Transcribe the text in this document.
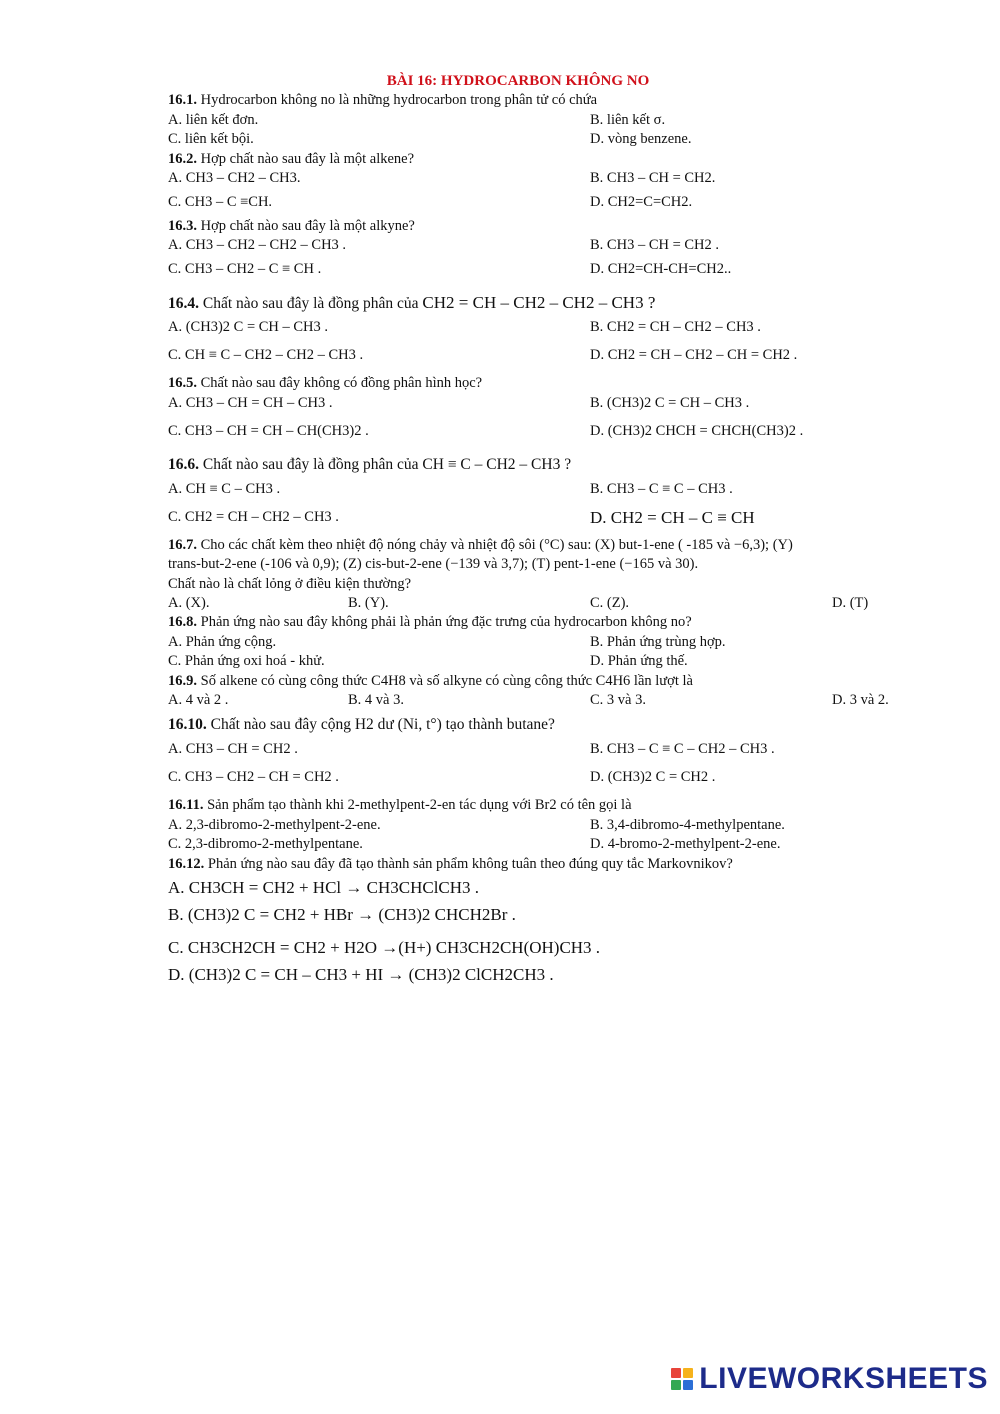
BÀI 16: HYDROCARBON KHÔNG NO
16.1. Hydrocarbon không no là những hydrocarbon trong phân tử có chứa
A. liên kết đơn.	B. liên kết σ.
C. liên kết bội.	D. vòng benzene.
16.2. Hợp chất nào sau đây là một alkene?
A. CH3 – CH2 – CH3.	B. CH3 – CH = CH2.
C. CH3 – C ≡CH.	D. CH2=C=CH2.
16.3. Hợp chất nào sau đây là một alkyne?
A. CH3 – CH2 – CH2 – CH3 .	B. CH3 – CH = CH2 .
C. CH3 – CH2 – C ≡ CH .	D. CH2=CH-CH=CH2..
16.4. Chất nào sau đây là đồng phân của CH2 = CH – CH2 – CH2 – CH3 ?
A. (CH3)2 C = CH – CH3 .	B. CH2 = CH – CH2 – CH3 .
C. CH ≡ C – CH2 – CH2 – CH3 .	D. CH2 = CH – CH2 – CH = CH2 .
16.5. Chất nào sau đây không có đồng phân hình học?
A. CH3 – CH = CH – CH3 .	B. (CH3)2 C = CH – CH3 .
C. CH3 – CH = CH – CH(CH3)2 .	D. (CH3)2 CHCH = CHCH(CH3)2 .
16.6. Chất nào sau đây là đồng phân của CH ≡ C – CH2 – CH3 ?
A. CH ≡ C – CH3 .	B. CH3 – C ≡ C – CH3 .
C. CH2 = CH – CH2 – CH3 .	D. CH2 = CH – C ≡ CH
16.7. Cho các chất kèm theo nhiệt độ nóng chảy và nhiệt độ sôi (°C) sau: (X) but-1-ene ( -185 và −6,3); (Y)
trans-but-2-ene (-106 và 0,9); (Z) cis-but-2-ene (−139 và 3,7); (T) pent-1-ene (−165 và 30).
Chất nào là chất lỏng ở điều kiện thường?
A. (X).	B. (Y).	C. (Z).	D. (T)
16.8. Phản ứng nào sau đây không phải là phản ứng đặc trưng của hydrocarbon không no?
A. Phản ứng cộng.	B. Phản ứng trùng hợp.
C. Phản ứng oxi hoá - khử.	D. Phản ứng thế.
16.9. Số alkene có cùng công thức C4H8 và số alkyne có cùng công thức C4H6 lần lượt là
A. 4 và 2 .	B. 4 và 3.	C. 3 và 3.	D. 3 và 2.
16.10. Chất nào sau đây cộng H2 dư (Ni, t°) tạo thành butane?
A. CH3 – CH = CH2 .	B. CH3 – C ≡ C – CH2 – CH3 .
C. CH3 – CH2 – CH = CH2 .	D. (CH3)2 C = CH2 .
16.11. Sản phẩm tạo thành khi 2-methylpent-2-en tác dụng với Br2 có tên gọi là
A. 2,3-dibromo-2-methylpent-2-ene.	B. 3,4-dibromo-4-methylpentane.
C. 2,3-dibromo-2-methylpentane.	D. 4-bromo-2-methylpent-2-ene.
16.12. Phản ứng nào sau đây đã tạo thành sản phẩm không tuân theo đúng quy tắc Markovnikov?
A. CH3CH = CH2 + HCl → CH3CHClCH3 .
B. (CH3)2 C = CH2 + HBr → (CH3)2 CHCH2Br .
C. CH3CH2CH = CH2 + H2O →(H+) CH3CH2CH(OH)CH3 .
D. (CH3)2 C = CH – CH3 + HI → (CH3)2 ClCH2CH3 .
LIVEWORKSHEETS
